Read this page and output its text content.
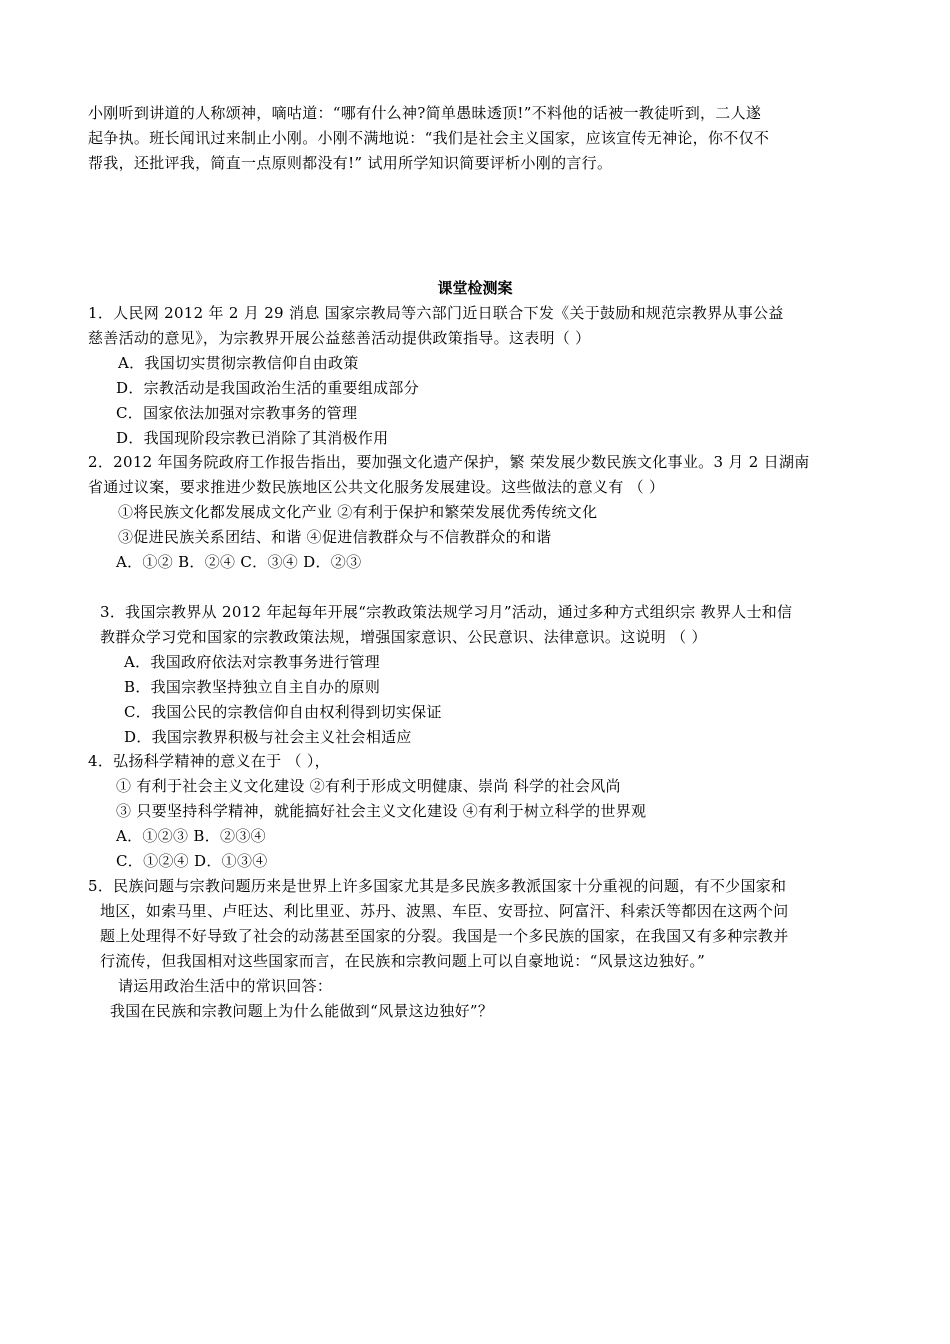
小刚听到讲道的人称颂神，嘀咕道：“哪有什么神?简单愚昧透顶!”不料他的话被一教徒听到，二人遂
起争执。班长闻讯过来制止小刚。小刚不满地说：“我们是社会主义国家，应该宣传无神论，你不仅不
帮我，还批评我，简直一点原则都没有!” 试用所学知识简要评析小刚的言行。
课堂检测案
1．人民网 2012 年 2 月 29 消息 国家宗教局等六部门近日联合下发《关于鼓励和规范宗教界从事公益
慈善活动的意见》，为宗教界开展公益慈善活动提供政策指导。这表明（ ）
A．我国切实贯彻宗教信仰自由政策
D．宗教活动是我国政治生活的重要组成部分
C．国家依法加强对宗教事务的管理
D．我国现阶段宗教已消除了其消极作用
2．2012 年国务院政府工作报告指出，要加强文化遗产保护，繁 荣发展少数民族文化事业。3 月 2 日湖南
省通过议案，要求推进少数民族地区公共文化服务发展建设。这些做法的意义有 （ ）
①将民族文化都发展成文化产业 ②有利于保护和繁荣发展优秀传统文化
③促进民族关系团结、和谐 ④促进信教群众与不信教群众的和谐
A．①② B．②④ C．③④ D．②③
3．我国宗教界从 2012 年起每年开展“宗教政策法规学习月”活动，通过多种方式组织宗 教界人士和信
教群众学习党和国家的宗教政策法规，增强国家意识、公民意识、法律意识。这说明 （ ）
A．我国政府依法对宗教事务进行管理
B．我国宗教坚持独立自主自办的原则
C．我国公民的宗教信仰自由权利得到切实保证
D．我国宗教界积极与社会主义社会相适应
4．弘扬科学精神的意义在于 （ ），
① 有利于社会主义文化建设 ②有利于形成文明健康、崇尚 科学的社会风尚
③ 只要坚持科学精神，就能搞好社会主义文化建设 ④有利于树立科学的世界观
A．①②③ B．②③④
C．①②④ D．①③④
5．民族问题与宗教问题历来是世界上许多国家尤其是多民族多教派国家十分重视的问题，有不少国家和
地区，如索马里、卢旺达、利比里亚、苏丹、波黑、车臣、安哥拉、阿富汗、科索沃等都因在这两个问
题上处理得不好导致了社会的动荡甚至国家的分裂。我国是一个多民族的国家，在我国又有多种宗教并
行流传，但我国相对这些国家而言，在民族和宗教问题上可以自豪地说：“风景这边独好。”
请运用政治生活中的常识回答：
我国在民族和宗教问题上为什么能做到“风景这边独好”？
